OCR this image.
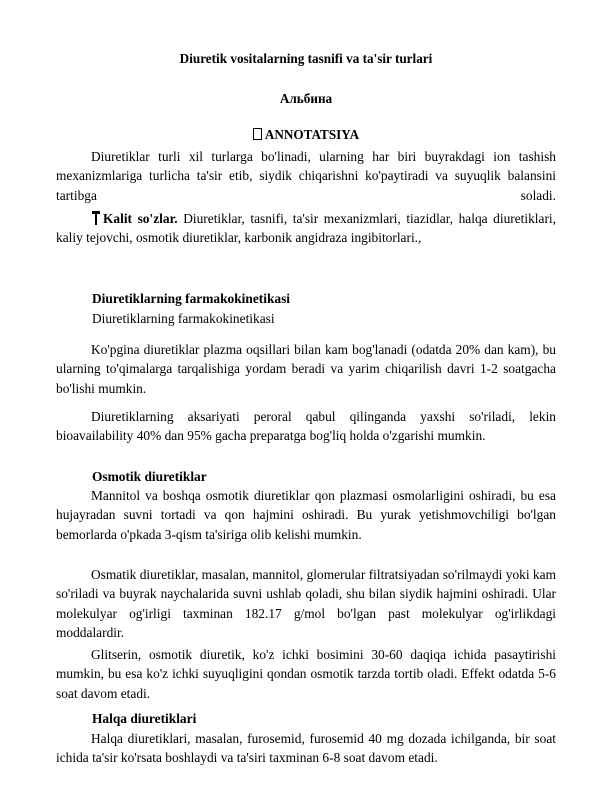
Diuretik vositalarning tasnifi va ta'sir turlari
Альбина
ANNOTATSIYA

Diuretiklar turli xil turlarga bo'linadi, ularning har biri buyrakdagi ion tashish mexanizmlariga turlicha ta'sir etib, siydik chiqarishni ko'paytiradi va suyuqlik balansini tartibga	soladi.

Kalit so'zlar. Diuretiklar, tasnifi, ta'sir mexanizmlari, tiazidlar, halqa diuretiklari, kaliy tejovchi, osmotik diuretiklar, karbonik angidraza ingibitorlari.,

Diuretiklarning farmakokinetikasi
Diuretiklarning farmakokinetikasi

Ko'pgina diuretiklar plazma oqsillari bilan kam bog'lanadi (odatda 20% dan kam), bu ularning to'qimalarga tarqalishiga yordam beradi va yarim chiqarilish davri 1-2 soatgacha bo'lishi mumkin.

Diuretiklarning aksariyati peroral qabul qilinganda yaxshi so'riladi, lekin bioavailability 40% dan 95% gacha preparatga bog'liq holda o'zgarishi mumkin.

Osmotik diuretiklar

Mannitol va boshqa osmotik diuretiklar qon plazmasi osmolarligini oshiradi, bu esa hujayradan suvni tortadi va qon hajmini oshiradi. Bu yurak yetishmovchiligi bo'lgan bemorlarda o'pkada 3-qism ta'siriga olib kelishi mumkin.

Osmatik diuretiklar, masalan, mannitol, glomerular filtratsiyadan so'rilmaydi yoki kam so'riladi va buyrak naychalarida suvni ushlab qoladi, shu bilan siydik hajmini oshiradi. Ular molekulyar og'irligi taxminan 182.17 g/mol bo'lgan past molekulyar og'irlikdagi moddalardir.

Glitserin, osmotik diuretik, ko'z ichki bosimini 30-60 daqiqa ichida pasaytirishi mumkin, bu esa ko'z ichki suyuqligini qondan osmotik tarzda tortib oladi. Effekt odatda 5-6 soat davom etadi.

Halqa diuretiklari

Halqa diuretiklari, masalan, furosemid, furosemid 40 mg dozada ichilganda, bir soat ichida ta'sir ko'rsata boshlaydi va ta'siri taxminan 6-8 soat davom etadi.
